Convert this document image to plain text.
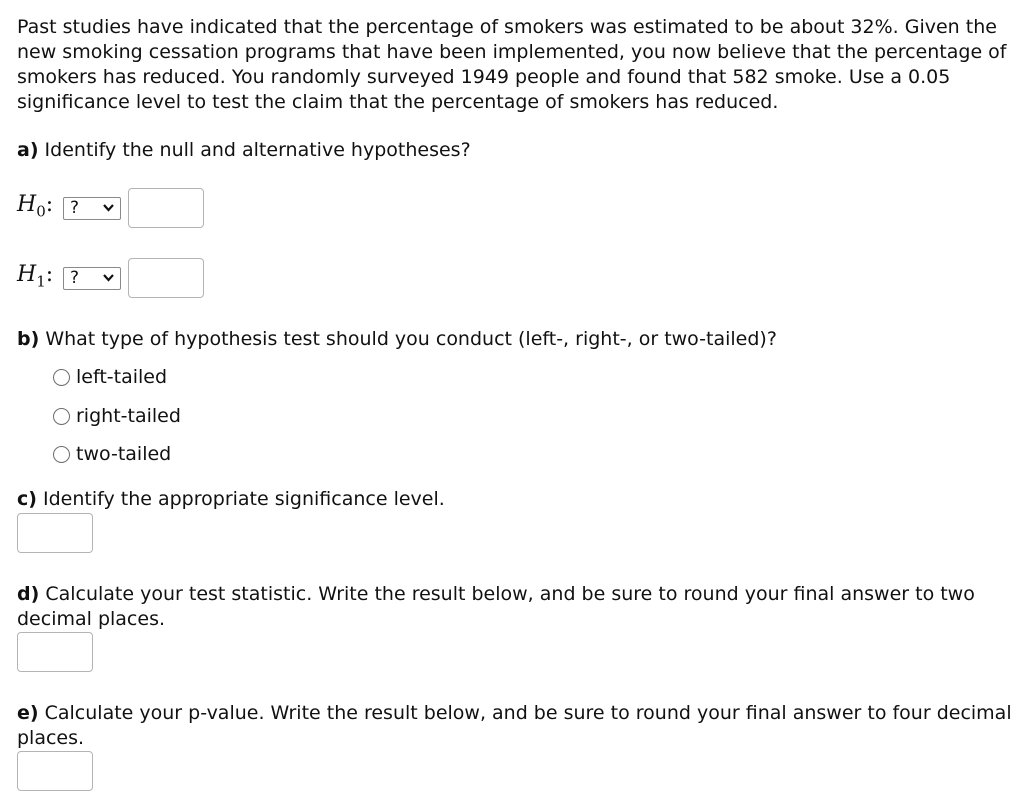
Past studies have indicated that the percentage of smokers was estimated to be about 32%. Given the new smoking cessation programs that have been implemented, you now believe that the percentage of smokers has reduced. You randomly surveyed 1949 people and found that 582 smoke. Use a 0.05 significance level to test the claim that the percentage of smokers has reduced.

a) Identify the null and alternative hypotheses?

$H_0$: ?
$H_1$: ?

b) What type of hypothesis test should you conduct (left-, right-, or two-tailed)?

left-tailed
right-tailed
two-tailed

c) Identify the appropriate significance level.

d) Calculate your test statistic. Write the result below, and be sure to round your final answer to two decimal places.

e) Calculate your p-value. Write the result below, and be sure to round your final answer to four decimal places.
